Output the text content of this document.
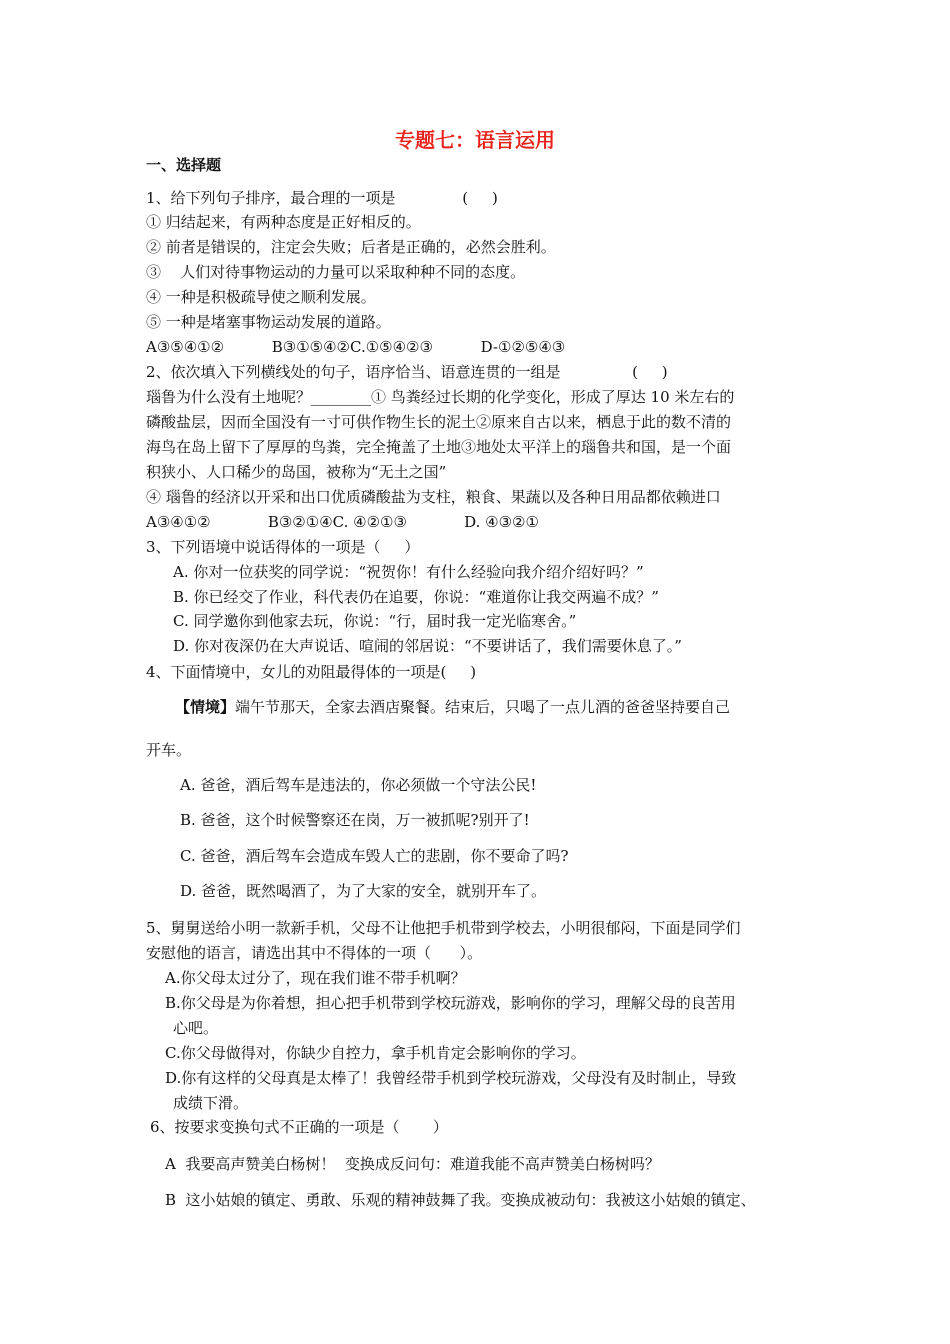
专题七：语言运用
一、选择题
1、给下列句子排序，最合理的一项是              (     )
① 归结起来，有两种态度是正好相反的。
② 前者是错误的，注定会失败；后者是正确的，必然会胜利。
③    人们对待事物运动的力量可以采取种种不同的态度。
④ 一种是积极疏导使之顺利发展。
⑤ 一种是堵塞事物运动发展的道路。
A③⑤④①②          B③①⑤④②C.①⑤④②③          D-①②⑤④③
2、依次填入下列横线处的句子，语序恰当、语意连贯的一组是               (     )
瑙鲁为什么没有土地呢？________① 鸟粪经过长期的化学变化，形成了厚达 10 米左右的
磷酸盐层，因而全国没有一寸可供作物生长的泥土②原来自古以来，栖息于此的数不清的
海鸟在岛上留下了厚厚的鸟粪，完全掩盖了土地③地处太平洋上的瑙鲁共和国，是一个面
积狭小、人口稀少的岛国，被称为“无土之国”
④ 瑙鲁的经济以开采和出口优质磷酸盐为支柱，粮食、果蔬以及各种日用品都依赖进口
A③④①②            B③②①④C. ④②①③            D. ④③②①
3、下列语境中说话得体的一项是（     ）
A. 你对一位获奖的同学说：“祝贺你！有什么经验向我介绍介绍好吗？”
B. 你已经交了作业，科代表仍在追要，你说：“难道你让我交两遍不成？”
C. 同学邀你到他家去玩，你说：“行，届时我一定光临寒舍。”
D. 你对夜深仍在大声说话、喧闹的邻居说：“不要讲话了，我们需要休息了。”
4、下面情境中，女儿的劝阻最得体的一项是(     )
【情境】端午节那天，全家去酒店聚餐。结束后，只喝了一点儿酒的爸爸坚持要自己
开车。
A. 爸爸，酒后驾车是违法的，你必须做一个守法公民!
B. 爸爸，这个时候警察还在岗，万一被抓呢?别开了!
C. 爸爸，酒后驾车会造成车毁人亡的悲剧，你不要命了吗?
D. 爸爸，既然喝酒了，为了大家的安全，就别开车了。
5、舅舅送给小明一款新手机，父母不让他把手机带到学校去，小明很郁闷，下面是同学们
安慰他的语言，请选出其中不得体的一项（      ）。
A.你父母太过分了，现在我们谁不带手机啊？
B.你父母是为你着想，担心把手机带到学校玩游戏，影响你的学习，理解父母的良苦用
心吧。
C.你父母做得对，你缺少自控力，拿手机肯定会影响你的学习。
D.你有这样的父母真是太棒了！我曾经带手机到学校玩游戏，父母没有及时制止，导致
成绩下滑。
6、按要求变换句式不正确的一项是（       ）
A  我要高声赞美白杨树！  变换成反问句：难道我能不高声赞美白杨树吗？
B  这小姑娘的镇定、勇敢、乐观的精神鼓舞了我。变换成被动句：我被这小姑娘的镇定、
